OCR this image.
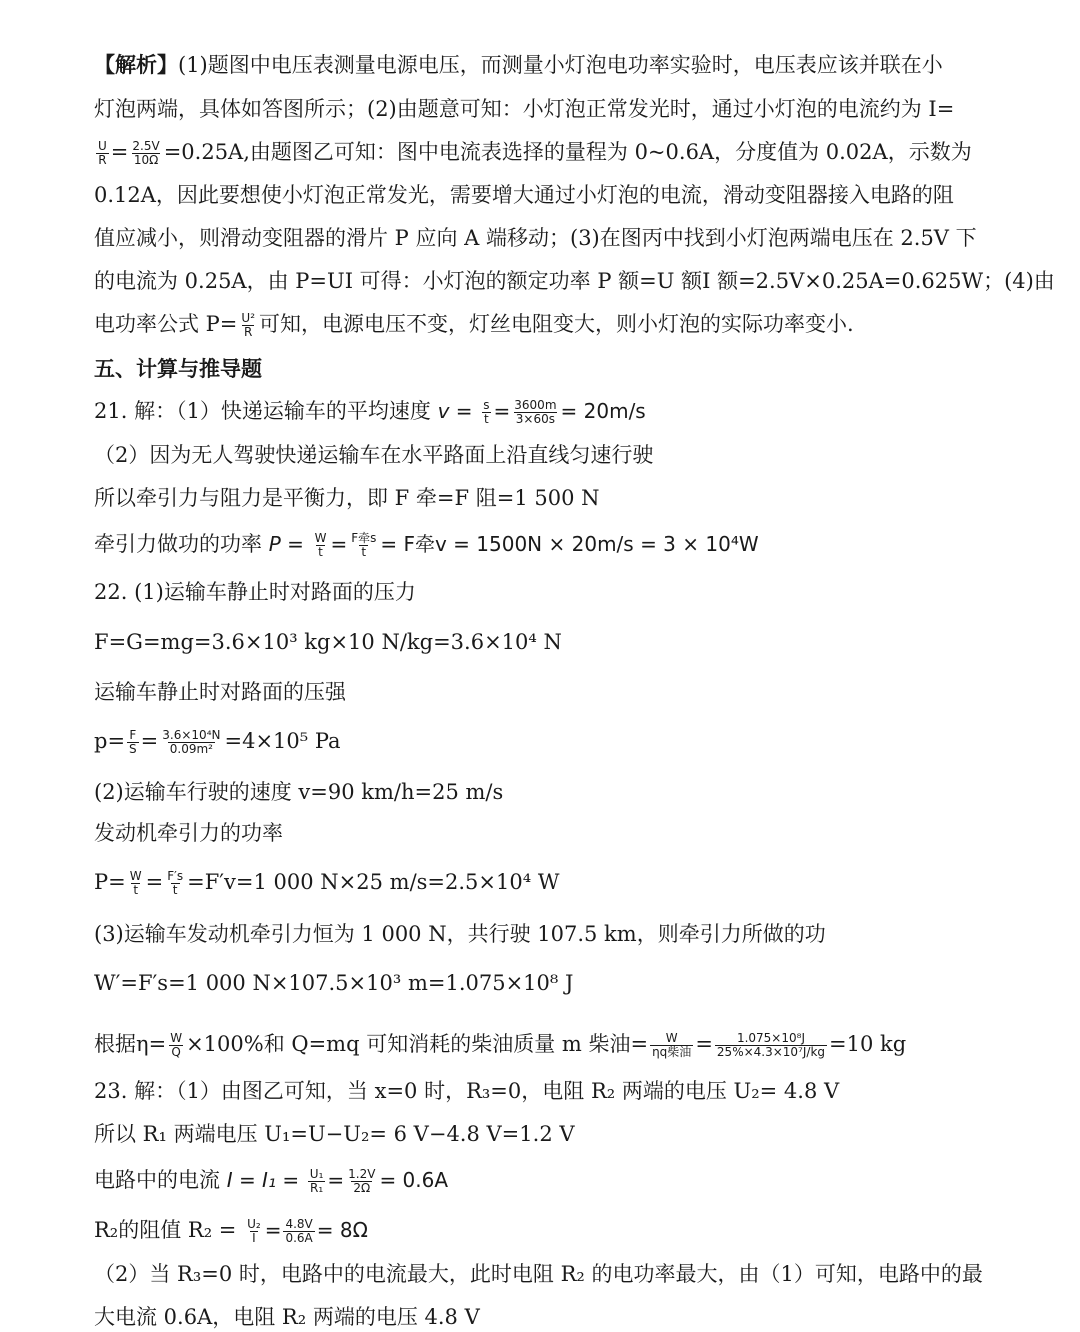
【解析】(1)题图中电压表测量电源电压，而测量小灯泡电功率实验时，电压表应该并联在小
灯泡两端，具体如答图所示；(2)由题意可知：小灯泡正常发光时，通过小灯泡的电流约为 I=
$\frac{U}{R} = \frac{2.5V}{10\Omega} =0.25A$,由题图乙可知：图中电流表选择的量程为 0~0.6A，分度值为 0.02A，示数为
0.12A，因此要想使小灯泡正常发光，需要增大通过小灯泡的电流，滑动变阻器接入电路的阻
值应减小，则滑动变阻器的滑片 P 应向 A 端移动；(3)在图丙中找到小灯泡两端电压在 2.5V 下
的电流为 0.25A，由 P=UI 可得：小灯泡的额定功率 P 额=U 额I 额=2.5V×0.25A=0.625W；(4)由
电功率公式 $P= \frac{\text{U²}}{R}$ 可知，电源电压不变，灯丝电阻变大，则小灯泡的实际功率变小.
五、计算与推导题
21. 解：（1）快递运输车的平均速度 $v = \frac{s}{t} = \frac{3600m}{3\times 60s} = 20m/s$
（2）因为无人驾驶快递运输车在水平路面上沿直线匀速行驶
所以牵引力与阻力是平衡力，即 F 牵=F 阻=1 500 N
牵引力做功的功率 $P = \frac{W}{t} = \frac{\text{F牵s}}{t} = F$牵v = 1500N × 20m/s = 3 × 10⁴W
22. (1)运输车静止时对路面的压力
F=G=mg=3.6×10³ kg×10 N/kg=3.6×10⁴ N
运输车静止时对路面的压强
$p= \frac{F}{S} = \frac{\text{3.6×10⁴N}}{\text{0.09m²}} =4\times 10^5$ Pa
(2)运输车行驶的速度 v=90 km/h=25 m/s
发动机牵引力的功率
$P= \frac{W}{t} = \frac{F's}{t} =F'v=1$ 000 N×25 m/s=2.5×10⁴ W
(3)运输车发动机牵引力恒为 1 000 N，共行驶 107.5 km，则牵引力所做的功
W′=F′s=1 000 N×107.5×10³ m=1.075×10⁸ J
根据$\eta= \frac{W}{Q} \times 100\%$和 Q=mq 可知消耗的柴油质量 m 柴油= $\frac{W}{\text{ηq柴油}} = \frac{\text{1.075×10⁸J}}{\text{25\%×4.3×10⁷J/kg}} =10$ kg
23. 解：（1）由图乙可知，当 x=0 时，R₃=0，电阻 R₂ 两端的电压 U₂= 4.8 V
所以 R₁ 两端电压 U₁=U−U₂= 6 V−4.8 V=1.2 V
电路中的电流 $I = I_1 = \frac{\text{U₁}}{\text{R₁}} = \frac{1.2V}{2\Omega} = 0.6A$
R₂的阻值 $R_2 = \frac{\text{U₂}}{I} = \frac{4.8V}{0.6A} = 8\Omega$
（2）当 R₃=0 时，电路中的电流最大，此时电阻 R₂ 的电功率最大，由（1）可知，电路中的最
大电流 0.6A，电阻 R₂ 两端的电压 4.8 V
